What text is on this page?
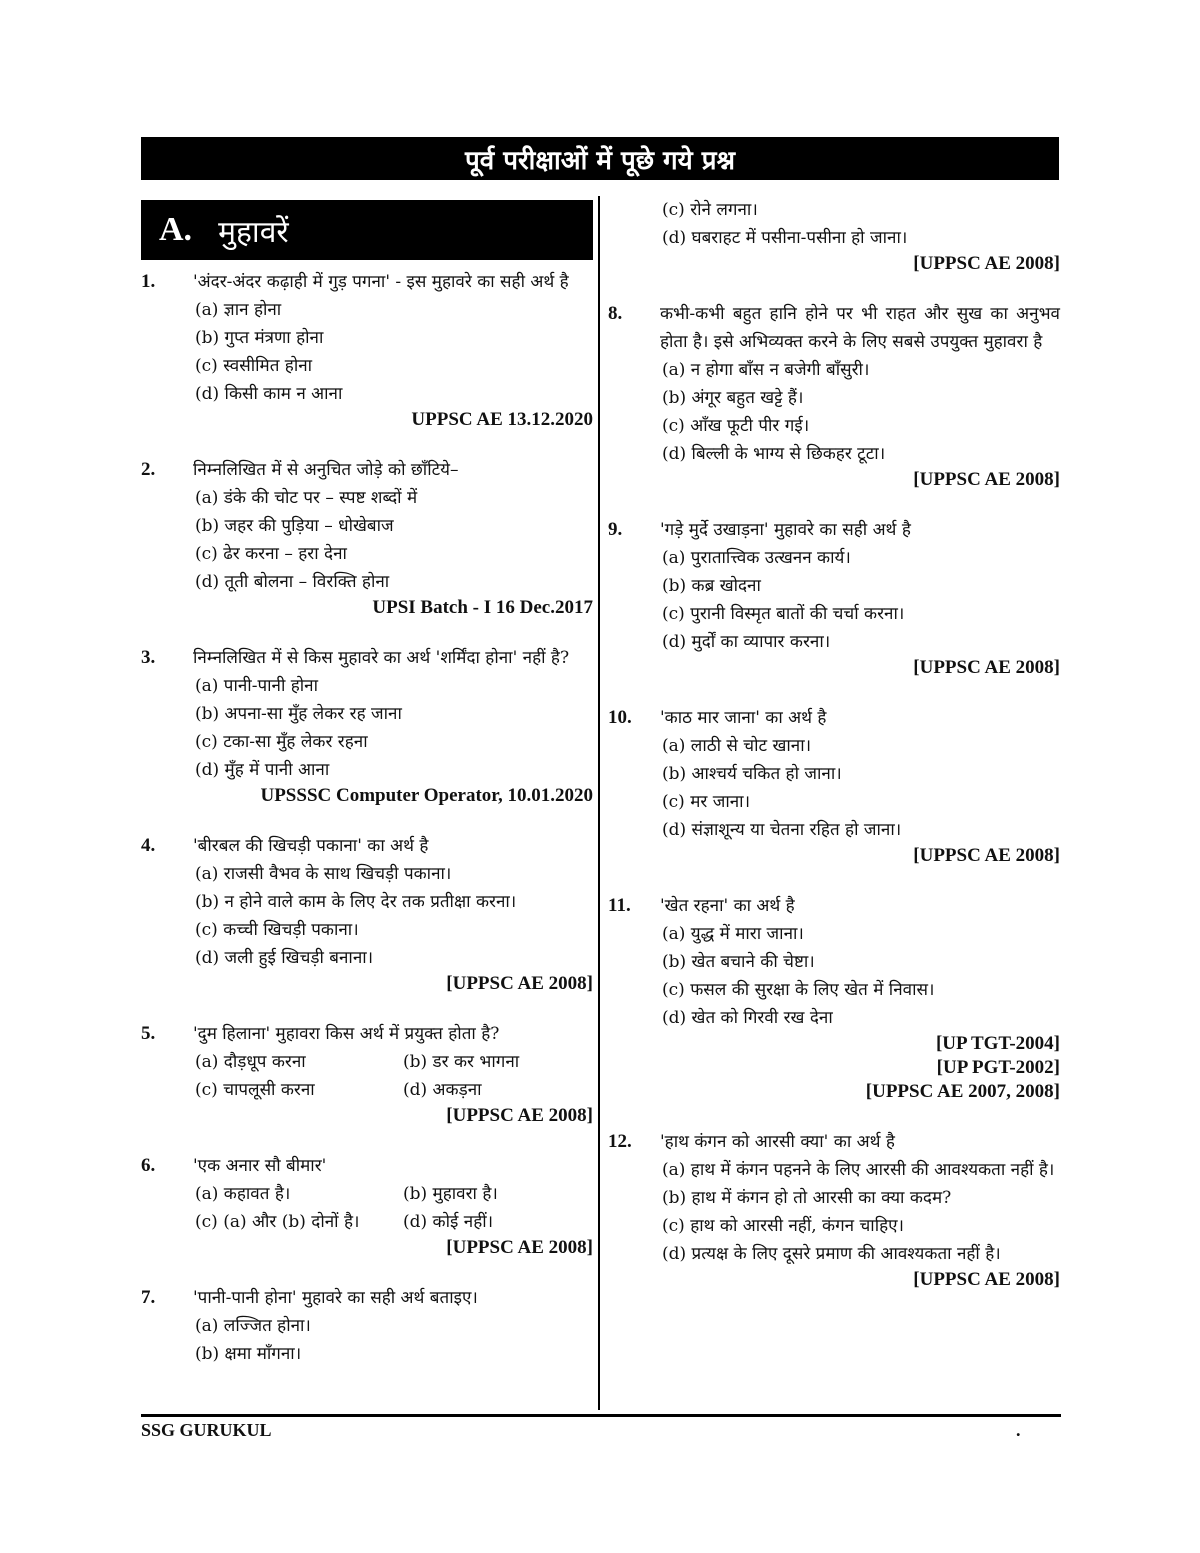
पूर्व परीक्षाओं में पूछे गये प्रश्न
A. मुहावरें
1.	'अंदर-अंदर कढ़ाही में गुड़ पगना' - इस मुहावरे का सही अर्थ है
(a) ज्ञान होना
(b) गुप्त मंत्रणा होना
(c) स्वसीमित होना
(d) किसी काम न आना
UPPSC AE 13.12.2020
2.	निम्नलिखित में से अनुचित जोड़े को छाँटिये–
(a) डंके की चोट पर – स्पष्ट शब्दों में
(b) जहर की पुड़िया – धोखेबाज
(c) ढेर करना – हरा देना
(d) तूती बोलना – विरक्ति होना
UPSI Batch - I 16 Dec.2017
3.	निम्नलिखित में से किस मुहावरे का अर्थ 'शर्मिंदा होना' नहीं है?
(a) पानी-पानी होना
(b) अपना-सा मुँह लेकर रह जाना
(c) टका-सा मुँह लेकर रहना
(d) मुँह में पानी आना
UPSSSC Computer Operator, 10.01.2020
4.	'बीरबल की खिचड़ी पकाना' का अर्थ है
(a) राजसी वैभव के साथ खिचड़ी पकाना।
(b) न होने वाले काम के लिए देर तक प्रतीक्षा करना।
(c) कच्ची खिचड़ी पकाना।
(d) जली हुई खिचड़ी बनाना।
[UPPSC AE 2008]
5.	'दुम हिलाना' मुहावरा किस अर्थ में प्रयुक्त होता है?
(a) दौड़धूप करना	(b) डर कर भागना
(c) चापलूसी करना	(d) अकड़ना
[UPPSC AE 2008]
6.	'एक अनार सौ बीमार'
(a) कहावत है।	(b) मुहावरा है।
(c) (a) और (b) दोनों है।	(d) कोई नहीं।
[UPPSC AE 2008]
7.	'पानी-पानी होना' मुहावरे का सही अर्थ बताइए।
(a) लज्जित होना।
(b) क्षमा माँगना।
(c) रोने लगना।
(d) घबराहट में पसीना-पसीना हो जाना।
[UPPSC AE 2008]
8.	कभी-कभी बहुत हानि होने पर भी राहत और सुख का अनुभव होता है। इसे अभिव्यक्त करने के लिए सबसे उपयुक्त मुहावरा है
(a) न होगा बाँस न बजेगी बाँसुरी।
(b) अंगूर बहुत खट्टे हैं।
(c) आँख फूटी पीर गई।
(d) बिल्ली के भाग्य से छिकहर टूटा।
[UPPSC AE 2008]
9.	'गड़े मुर्दे उखाड़ना' मुहावरे का सही अर्थ है
(a) पुरातात्त्विक उत्खनन कार्य।
(b) कब्र खोदना
(c) पुरानी विस्मृत बातों की चर्चा करना।
(d) मुर्दों का व्यापार करना।
[UPPSC AE 2008]
10.	'काठ मार जाना' का अर्थ है
(a) लाठी से चोट खाना।
(b) आश्चर्य चकित हो जाना।
(c) मर जाना।
(d) संज्ञाशून्य या चेतना रहित हो जाना।
[UPPSC AE 2008]
11.	'खेत रहना' का अर्थ है
(a) युद्ध में मारा जाना।
(b) खेत बचाने की चेष्टा।
(c) फसल की सुरक्षा के लिए खेत में निवास।
(d) खेत को गिरवी रख देना
[UP TGT-2004]
[UP PGT-2002]
[UPPSC AE 2007, 2008]
12.	'हाथ कंगन को आरसी क्या' का अर्थ है
(a) हाथ में कंगन पहनने के लिए आरसी की आवश्यकता नहीं है।
(b) हाथ में कंगन हो तो आरसी का क्या कदम?
(c) हाथ को आरसी नहीं, कंगन चाहिए।
(d) प्रत्यक्ष के लिए दूसरे प्रमाण की आवश्यकता नहीं है।
[UPPSC AE 2008]
SSG GURUKUL	.
